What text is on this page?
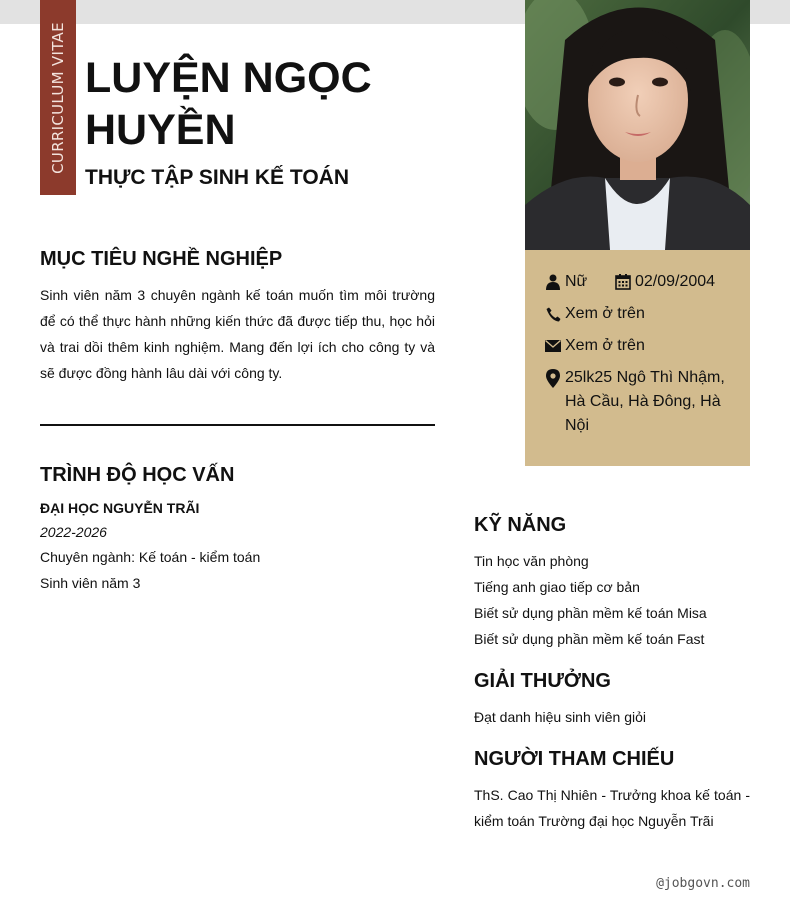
CURRICULUM VITAE LUYỆN NGỌC HUYỀN
THỰC TẬP SINH KẾ TOÁN
Nữ	02/09/2004
Xem ở trên
Xem ở trên
25lk25 Ngô Thì Nhậm, Hà Cầu, Hà Đông, Hà Nội
MỤC TIÊU NGHỀ NGHIỆP
Sinh viên năm 3 chuyên ngành kế toán muốn tìm môi trường để có thể thực hành những kiến thức đã được tiếp thu, học hỏi và trai dồi thêm kinh nghiệm. Mang đến lợi ích cho công ty và sẽ được đồng hành lâu dài với công ty.
TRÌNH ĐỘ HỌC VẤN
ĐẠI HỌC NGUYỄN TRÃI
2022-2026
Chuyên ngành: Kế toán - kiểm toán
Sinh viên năm 3
KỸ NĂNG
Tin học văn phòng
Tiếng anh giao tiếp cơ bản
Biết sử dụng phần mềm kế toán Misa
Biết sử dụng phần mềm kế toán Fast
GIẢI THƯỞNG
Đạt danh hiệu sinh viên giỏi
NGƯỜI THAM CHIẾU
ThS. Cao Thị Nhiên - Trưởng khoa kế toán - kiểm toán Trường đại học Nguyễn Trãi
@jobgovn.com
